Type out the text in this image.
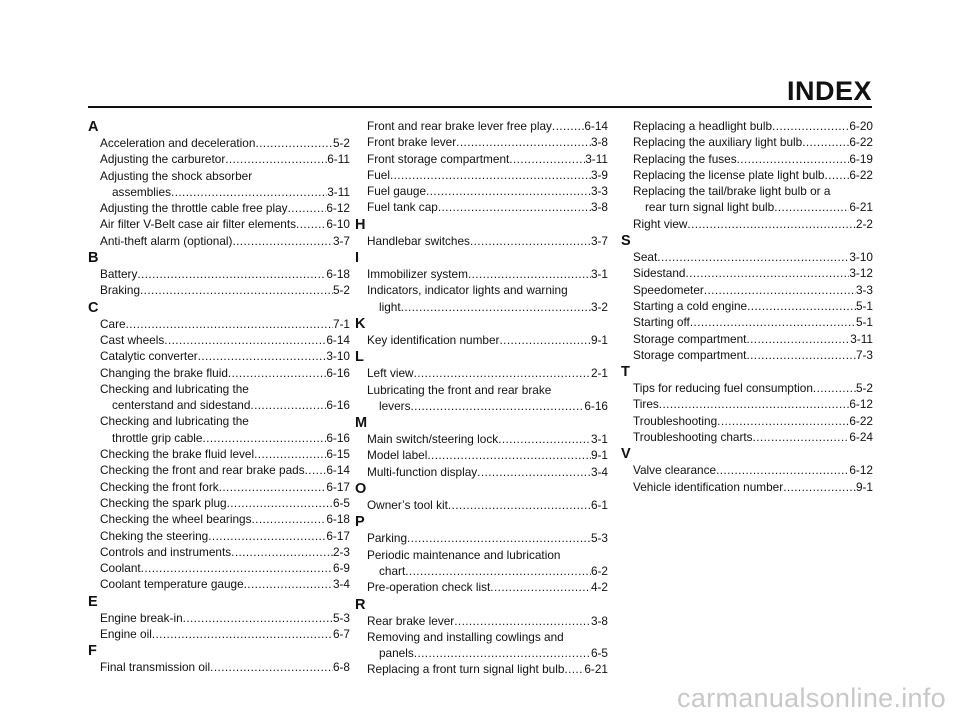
INDEX
A
Acceleration and deceleration .....	5-2
Adjusting the carburetor .....	6-11
Adjusting the shock absorber
assemblies .....	3-11
Adjusting the throttle cable free play .....	6-12
Air filter V-Belt case air filter elements .....	6-10
Anti-theft alarm (optional) .....	3-7
B
Battery .....	6-18
Braking .....	5-2
C
Care .....	7-1
Cast wheels .....	6-14
Catalytic converter .....	3-10
Changing the brake fluid .....	6-16
Checking and lubricating the
centerstand and sidestand .....	6-16
Checking and lubricating the
throttle grip cable .....	6-16
Checking the brake fluid level .....	6-15
Checking the front and rear brake pads ..... 6-14
Checking the front fork .....	6-17
Checking the spark plug .....	6-5
Checking the wheel bearings .....	6-18
Cheking the steering .....	6-17
Controls and instruments .....	2-3
Coolant .....	6-9
Coolant temperature gauge .....	3-4
E
Engine break-in .....	5-3
Engine oil .....	6-7
F
Final transmission oil .....	6-8
Front and rear brake lever free play .....	6-14
Front brake lever .....	3-8
Front storage compartment .....	3-11
Fuel .....	3-9
Fuel gauge .....	3-3
Fuel tank cap .....	3-8
H
Handlebar switches .....	3-7
I
Immobilizer system .....	3-1
Indicators, indicator lights and warning
light .....	3-2
K
Key identification number .....	9-1
L
Left view .....	2-1
Lubricating the front and rear brake
levers .....	6-16
M
Main switch/steering lock .....	3-1
Model label .....	9-1
Multi-function display .....	3-4
O
Owner’s tool kit .....	6-1
P
Parking .....	5-3
Periodic maintenance and lubrication
chart .....	6-2
Pre-operation check list .....	4-2
R
Rear brake lever .....	3-8
Removing and installing cowlings and
panels .....	6-5
Replacing a front turn signal light bulb ..... 6-21
Replacing a headlight bulb .....	6-20
Replacing the auxiliary light bulb .....	6-22
Replacing the fuses .....	6-19
Replacing the license plate light bulb ..... 6-22
Replacing the tail/brake light bulb or a
rear turn signal light bulb .....	6-21
Right view .....	2-2
S
Seat .....	3-10
Sidestand .....	3-12
Speedometer .....	3-3
Starting a cold engine .....	5-1
Starting off .....	5-1
Storage compartment .....	3-11
Storage compartment .....	7-3
T
Tips for reducing fuel consumption .....	5-2
Tires .....	6-12
Troubleshooting .....	6-22
Troubleshooting charts .....	6-24
V
Valve clearance .....	6-12
Vehicle identification number .....	9-1
carmanualsonline.info
